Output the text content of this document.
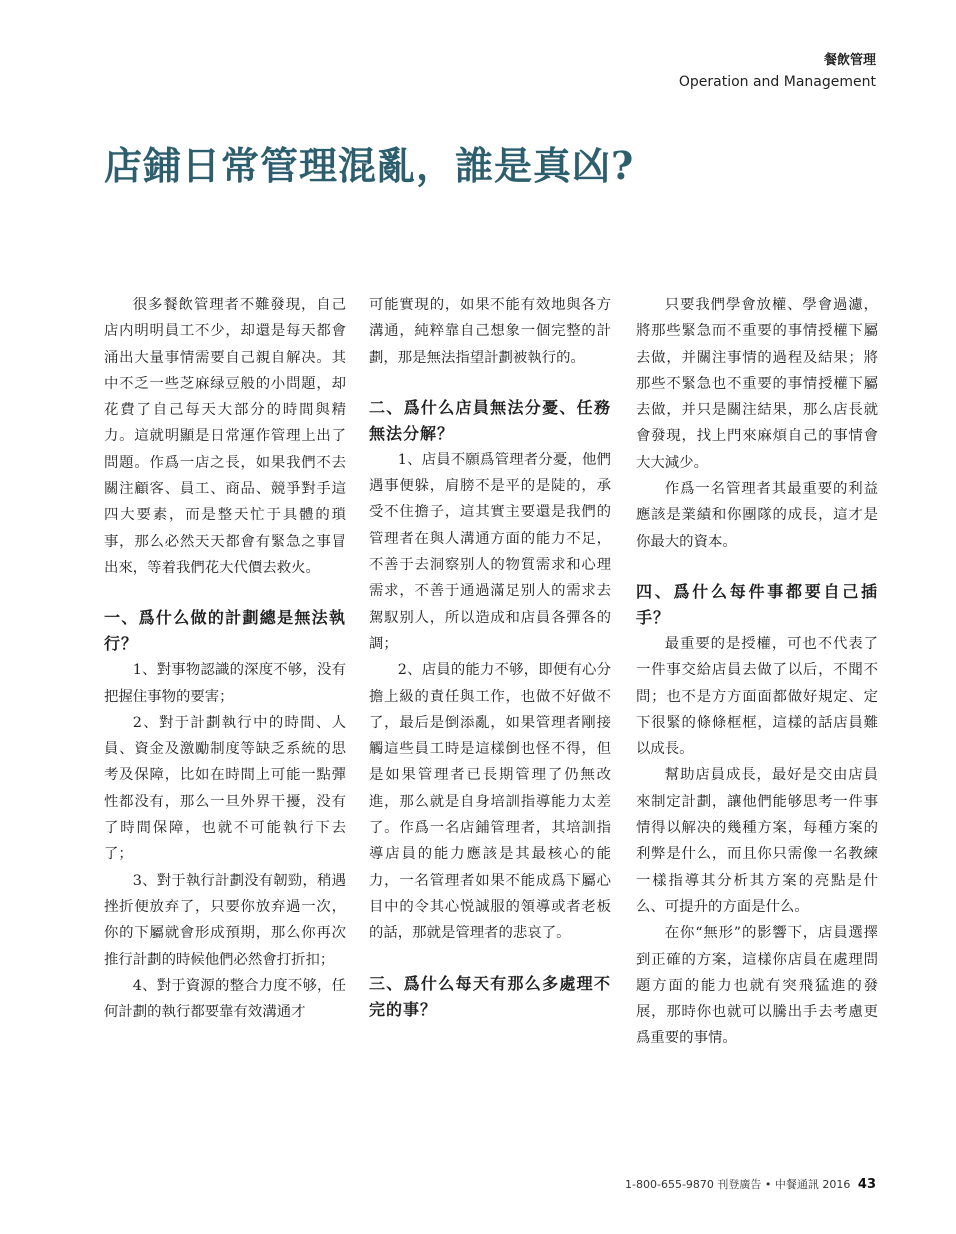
餐飲管理
Operation and Management
店鋪日常管理混亂，誰是真凶?

很多餐飲管理者不難發現，自己店内明明員工不少，却還是每天都會涌出大量事情需要自己親自解决。其中不乏一些芝麻绿豆般的小問題，却花費了自己每天大部分的時間與精力。這就明顯是日常運作管理上出了問題。作爲一店之長，如果我們不去關注顧客、員工、商品、競爭對手這四大要素，而是整天忙于具體的瑣事，那么必然天天都會有緊急之事冒出來，等着我們花大代價去救火。

一、爲什么做的計劃總是無法執行？

1、對事物認識的深度不够，没有把握住事物的要害；

2、對于計劃執行中的時間、人員、資金及激勵制度等缺乏系統的思考及保障，比如在時間上可能一點彈性都没有，那么一旦外界干擾，没有了時間保障，也就不可能執行下去了；

3、對于執行計劃没有韌勁，稍遇挫折便放弃了，只要你放弃過一次，你的下屬就會形成預期，那么你再次推行計劃的時候他們必然會打折扣；

4、對于資源的整合力度不够，任何計劃的執行都要靠有效溝通才

可能實現的，如果不能有效地與各方溝通，純粹靠自己想象一個完整的計劃，那是無法指望計劃被執行的。

二、爲什么店員無法分憂、任務無法分解？

1、店員不願爲管理者分憂，他們遇事便躲，肩膀不是平的是陡的，承受不住擔子，這其實主要還是我們的管理者在與人溝通方面的能力不足，不善于去洞察别人的物質需求和心理需求，不善于通過滿足别人的需求去駕馭别人，所以造成和店員各彈各的調；

2、店員的能力不够，即便有心分擔上級的責任與工作，也做不好做不了，最后是倒添亂，如果管理者剛接觸這些員工時是這樣倒也怪不得，但是如果管理者已長期管理了仍無改進，那么就是自身培訓指導能力太差了。作爲一名店鋪管理者，其培訓指導店員的能力應該是其最核心的能力，一名管理者如果不能成爲下屬心目中的令其心悦誠服的領導或者老板的話，那就是管理者的悲哀了。

三、爲什么每天有那么多處理不完的事？

只要我們學會放權、學會過濾，將那些緊急而不重要的事情授權下屬去做，并關注事情的過程及結果；將那些不緊急也不重要的事情授權下屬去做，并只是關注結果，那么店長就會發現，找上門來麻煩自己的事情會大大減少。

作爲一名管理者其最重要的利益應該是業績和你團隊的成長，這才是你最大的資本。

四、爲什么每件事都要自己插手？

最重要的是授權，可也不代表了一件事交給店員去做了以后，不聞不問；也不是方方面面都做好規定、定下很緊的條條框框，這樣的話店員難以成長。

幫助店員成長，最好是交由店員來制定計劃，讓他們能够思考一件事情得以解决的幾種方案，每種方案的利弊是什么，而且你只需像一名教練一樣指導其分析其方案的亮點是什么、可提升的方面是什么。

在你“無形”的影響下，店員選擇到正確的方案，這樣你店員在處理問題方面的能力也就有突飛猛進的發展，那時你也就可以騰出手去考慮更爲重要的事情。

1-800-655-9870 刊登廣告 • 中餐通訊 2016 43
